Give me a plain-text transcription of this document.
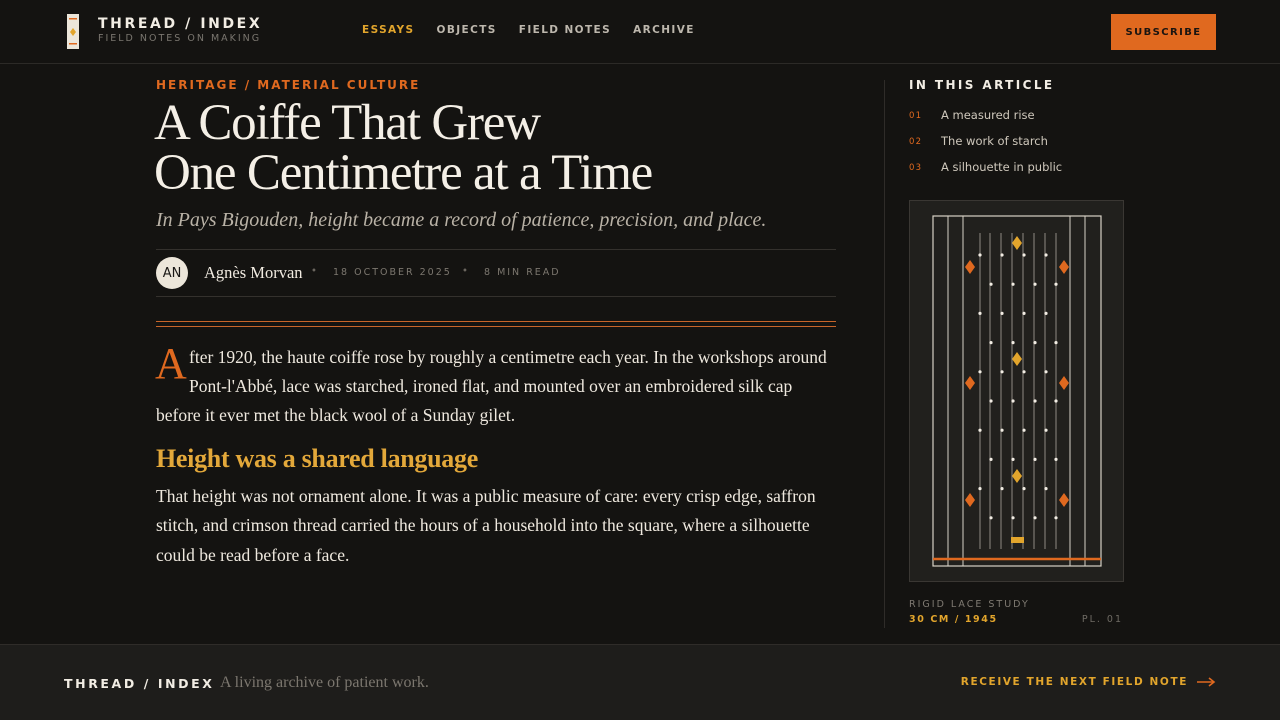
THREAD / INDEX
FIELD NOTES ON MAKING
ESSAYS OBJECTS FIELD NOTES ARCHIVE	SUBSCRIBE
HERITAGE / MATERIAL CULTURE
A Coiffe That Grew
One Centimetre at a Time
In Pays Bigouden, height became a record of patience, precision, and place.
AN	Agnès Morvan • 18 OCTOBER 2025 • 8 MIN READ
A fter 1920, the haute coiffe rose by roughly a centimetre each year. In the workshops around
Pont-l'Abbé, lace was starched, ironed flat, and mounted over an embroidered silk cap
before it ever met the black wool of a Sunday gilet.
Height was a shared language
That height was not ornament alone. It was a public measure of care: every crisp edge, saffron
stitch, and crimson thread carried the hours of a household into the square, where a silhouette
could be read before a face.
IN THIS ARTICLE
01	A measured rise
02	The work of starch
03	A silhouette in public
RIGID LACE STUDY
30 CM / 1945	PL. 01
THREAD / INDEX A living archive of patient work.	RECEIVE THE NEXT FIELD NOTE
